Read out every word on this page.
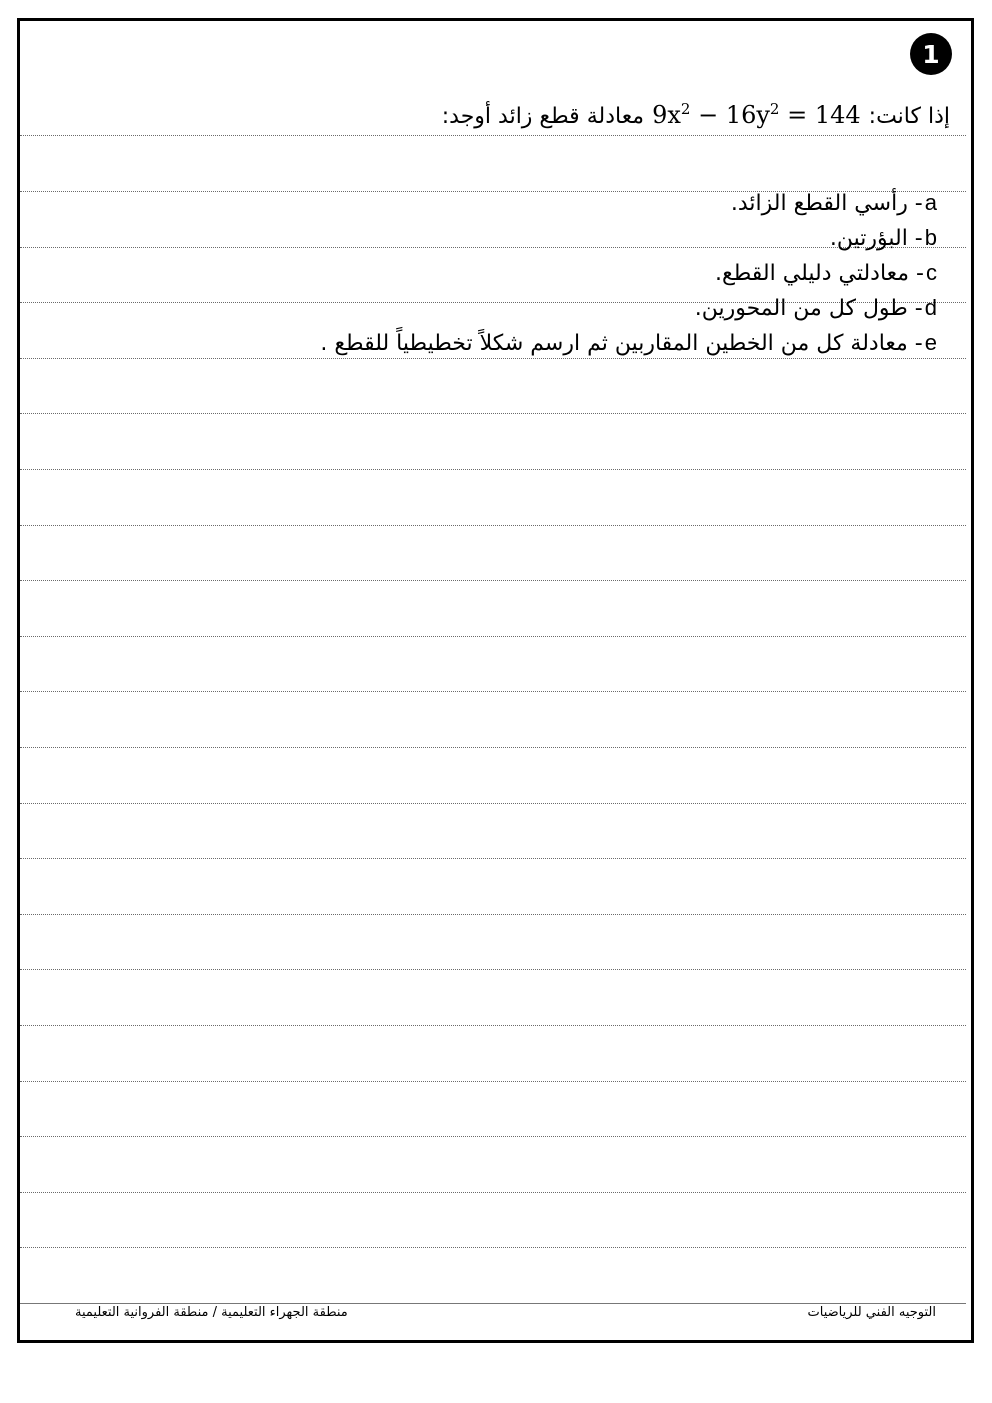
1
إذا كانت:
$9x^2 - 16y^2 = 144$
معادلة قطع زائد أوجد:
a
- رأسي القطع الزائد.
b
- البؤرتين.
c
- معادلتي دليلي القطع.
d
- طول كل من المحورين.
e
- معادلة كل من الخطين المقاربين ثم ارسم شكلاً تخطيطياً للقطع .
التوجيه الفني للرياضيات
منطقة الجهراء التعليمية / منطقة الفروانية التعليمية
